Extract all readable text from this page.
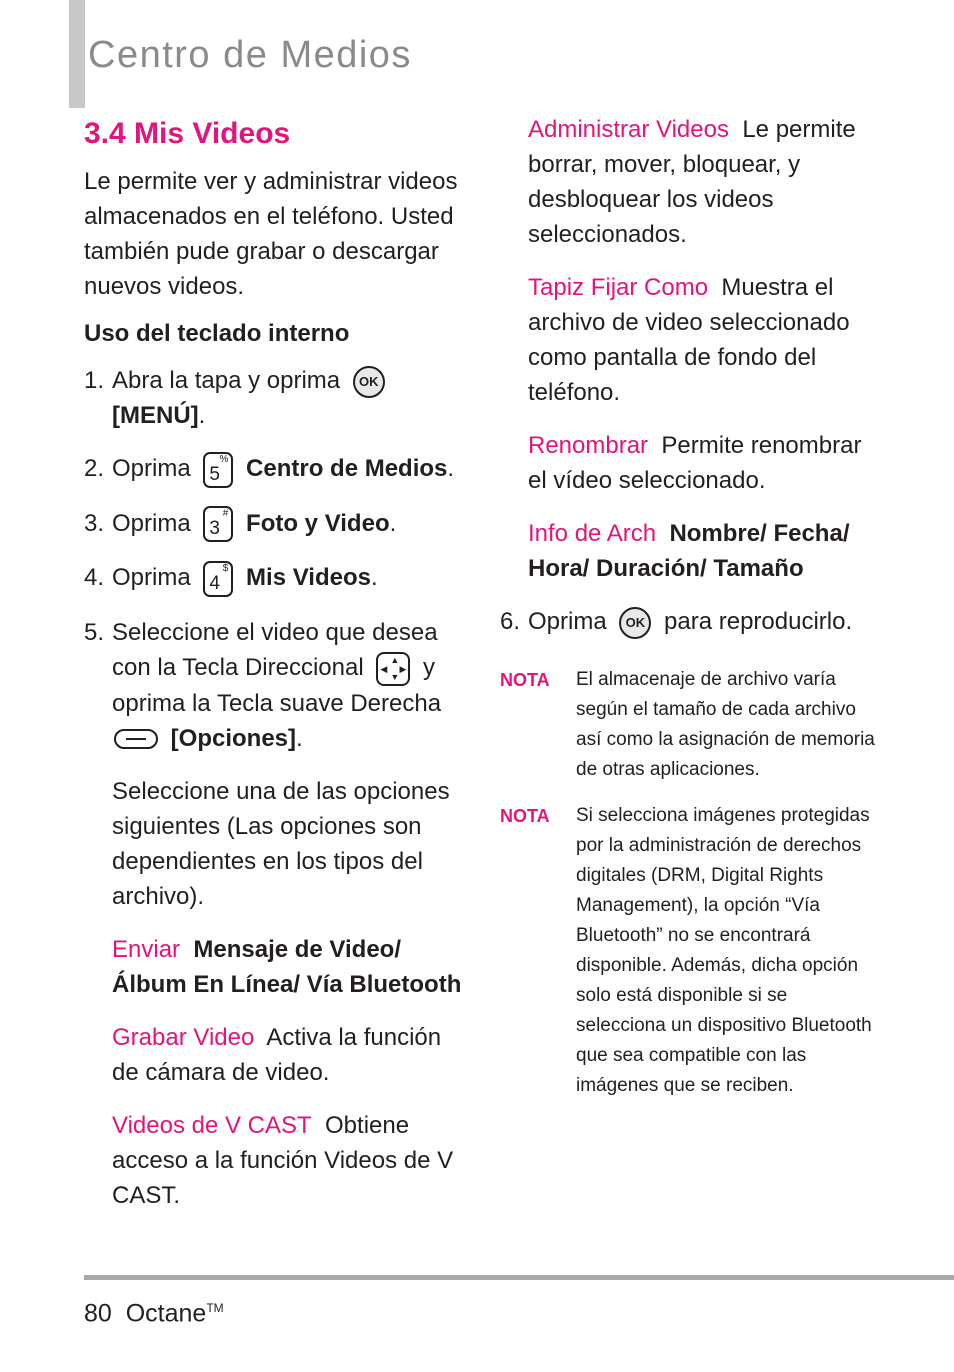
Centro de Medios
3.4 Mis Videos

Le permite ver y administrar videos almacenados en el teléfono. Usted también pude grabar o descargar nuevos videos.

Uso del teclado interno

1. Abra la tapa y oprima OK
[MENÚ].
2. Oprima	%
5 Centro de Medios.
3. Oprima	#
3 Foto y Video.
4. Oprima	$
4 Mis Videos.
5. Seleccione el video que desea con la Tecla Direccional	▲
▼
◀ ▶ y oprima la Tecla suave Derecha
[Opciones].

Seleccione una de las opciones siguientes (Las opciones son dependientes en los tipos del archivo).

Enviar Mensaje de Video/ Álbum En Línea/ Vía Bluetooth

Grabar Video Activa la función de cámara de video.

Videos de V CAST Obtiene acceso a la función Videos de V CAST.

Administrar Videos Le permite borrar, mover, bloquear, y desbloquear los videos seleccionados.

Tapiz Fijar Como Muestra el archivo de video seleccionado como pantalla de fondo del teléfono.

Renombrar Permite renombrar el vídeo seleccionado.

Info de Arch Nombre/ Fecha/ Hora/ Duración/ Tamaño

6. Oprima OK para reproducirlo.
NOTA	El almacenaje de archivo varía según el tamaño de cada archivo así como la asignación de memoria de otras aplicaciones.
NOTA	Si selecciona imágenes protegidas por la administración de derechos digitales (DRM, Digital Rights Management), la opción “Vía Bluetooth” no se encontrará disponible. Además, dicha opción solo está disponible si se selecciona un dispositivo Bluetooth que sea compatible con las imágenes que se reciben.
80 Octane™
